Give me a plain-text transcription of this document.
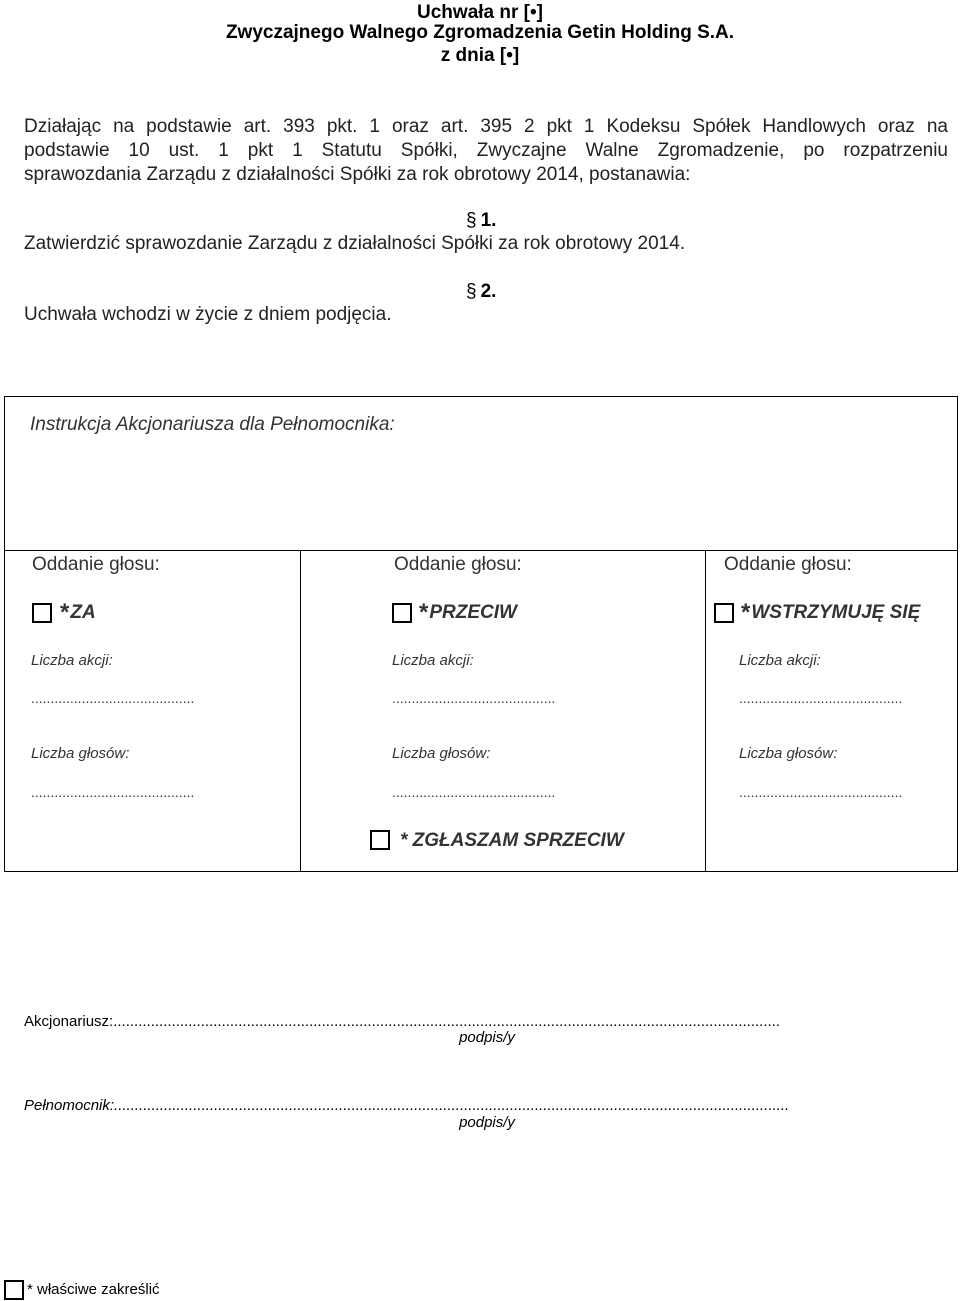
Uchwała nr [•]
Zwyczajnego Walnego Zgromadzenia Getin Holding S.A.
z dnia [•]
Działając na podstawie art. 393 pkt. 1 oraz art. 395 2 pkt 1 Kodeksu Spółek Handlowych oraz na
podstawie 10 ust. 1 pkt 1 Statutu Spółki, Zwyczajne Walne Zgromadzenie, po rozpatrzeniu
sprawozdania Zarządu z działalności Spółki za rok obrotowy 2014, postanawia:
§ 1.
Zatwierdzić sprawozdanie Zarządu z działalności Spółki za rok obrotowy 2014.
§ 2.
Uchwała wchodzi w życie z dniem podjęcia.
Instrukcja Akcjonariusza dla Pełnomocnika:
Oddanie głosu:
*ZA
Liczba akcji:
..........................................
Liczba głosów:
..........................................
Oddanie głosu:
*PRZECIW
Liczba akcji:
..........................................
Liczba głosów:
..........................................
Oddanie głosu:
*WSTRZYMUJĘ SIĘ
Liczba akcji:
..........................................
Liczba głosów:
..........................................
* ZGŁASZAM SPRZECIW
Akcjonariusz:................................................................................................................................................................
podpis/y
Pełnomocnik:..................................................................................................................................................................
podpis/y
* właściwe zakreślić
